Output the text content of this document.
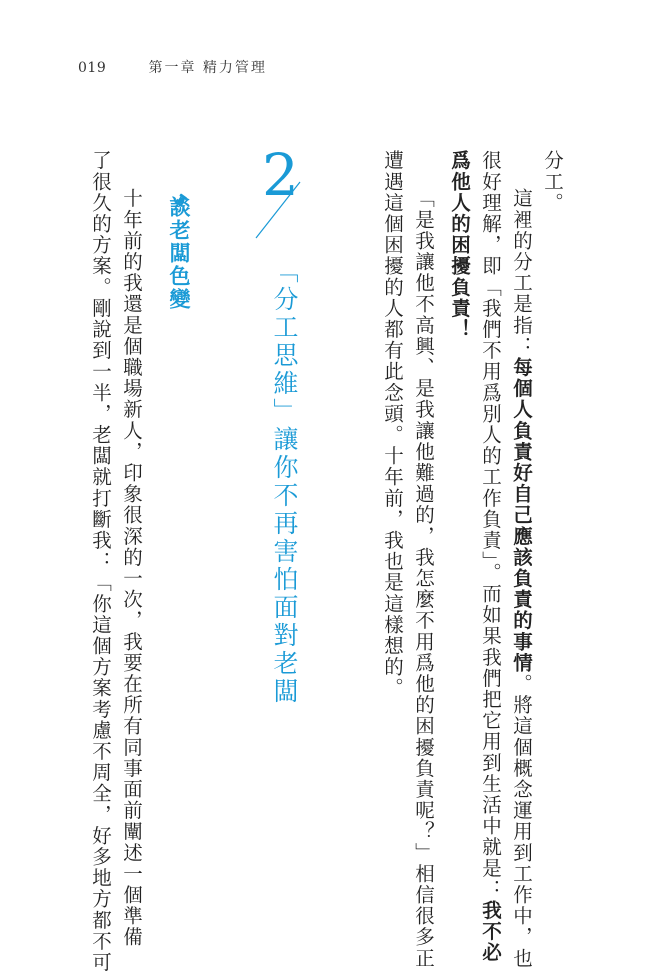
019	第一章 精力管理
分工。
這裡的分工是指：每個人負責好自己應該負責的事情。將這個概念運用到工作中，也
很好理解，即「我們不用爲別人的工作負責」。而如果我們把它用到生活中就是：我不必
爲他人的困擾負責！
「是我讓他不高興、是我讓他難過的，我怎麼不用爲他的困擾負責呢？」相信很多正
遭遇這個困擾的人都有此念頭。十年前，我也是這樣想的。
2
「分工思維」讓你不再害怕面對老闆
談老闆色變
十年前的我還是個職場新人，印象很深的一次，我要在所有同事面前闡述一個準備
了很久的方案。剛說到一半，老闆就打斷我：「你這個方案考慮不周全，好多地方都不可
